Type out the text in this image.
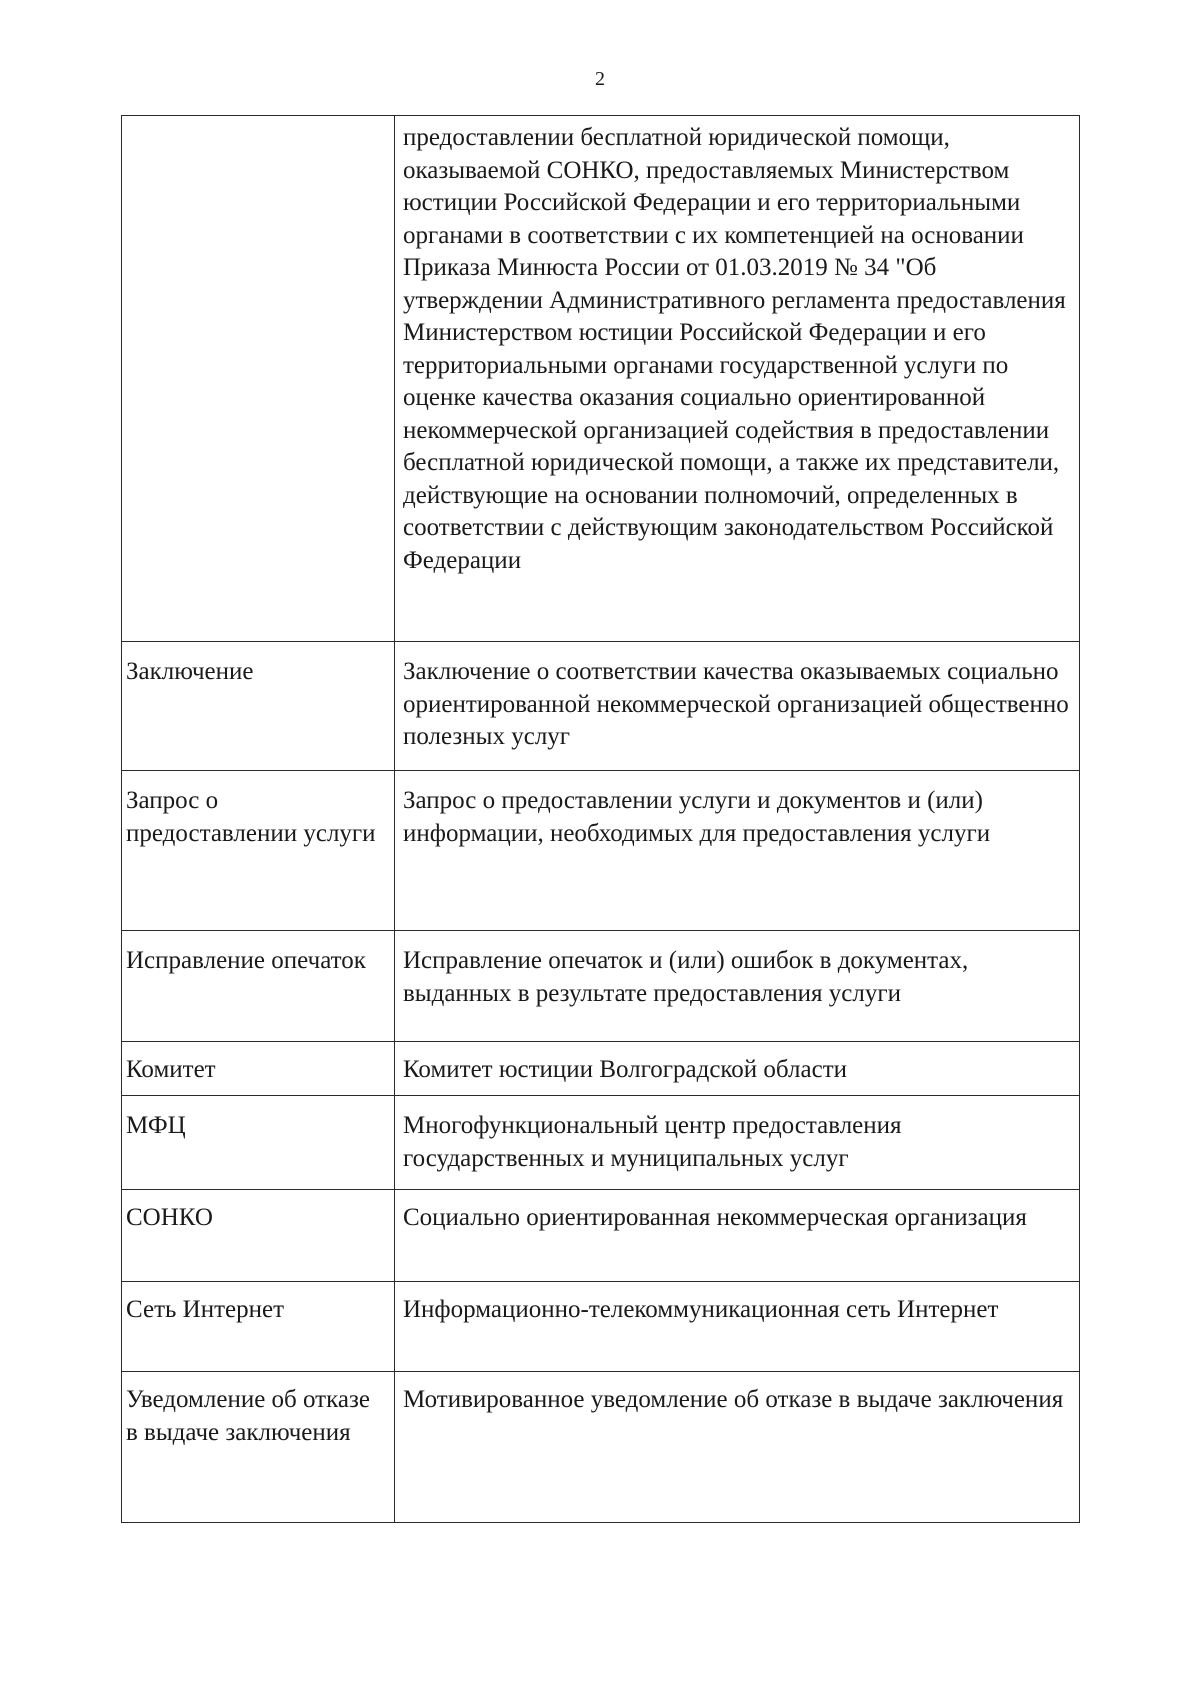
2
	предоставлении бесплатной юридической помощи, оказываемой СОНКО, предоставляемых Министерством юстиции Российской Федерации и его территориальными органами в соответствии с их компетенцией на основании Приказа Минюста России от 01.03.2019 № 34 "Об утверждении Административного регламента предоставления Министерством юстиции Российской Федерации и его территориальными органами государственной услуги по оценке качества оказания социально ориентированной некоммерческой организацией содействия в предоставлении бесплатной юридической помощи, а также их представители, действующие на основании полномочий, определенных в соответствии с действующим законодательством Российской Федерации
Заключение	Заключение о соответствии качества оказываемых социально ориентированной некоммерческой организацией общественно полезных услуг
Запрос о предоставлении услуги	Запрос о предоставлении услуги и документов и (или) информации, необходимых для предоставления услуги
Исправление опечаток	Исправление опечаток и (или) ошибок в документах, выданных в результате предоставления услуги
Комитет	Комитет юстиции Волгоградской области
МФЦ	Многофункциональный центр предоставления государственных и муниципальных услуг
СОНКО	Социально ориентированная некоммерческая организация
Сеть Интернет	Информационно-телекоммуникационная сеть Интернет
Уведомление об отказе в выдаче заключения	Мотивированное уведомление об отказе в выдаче заключения
